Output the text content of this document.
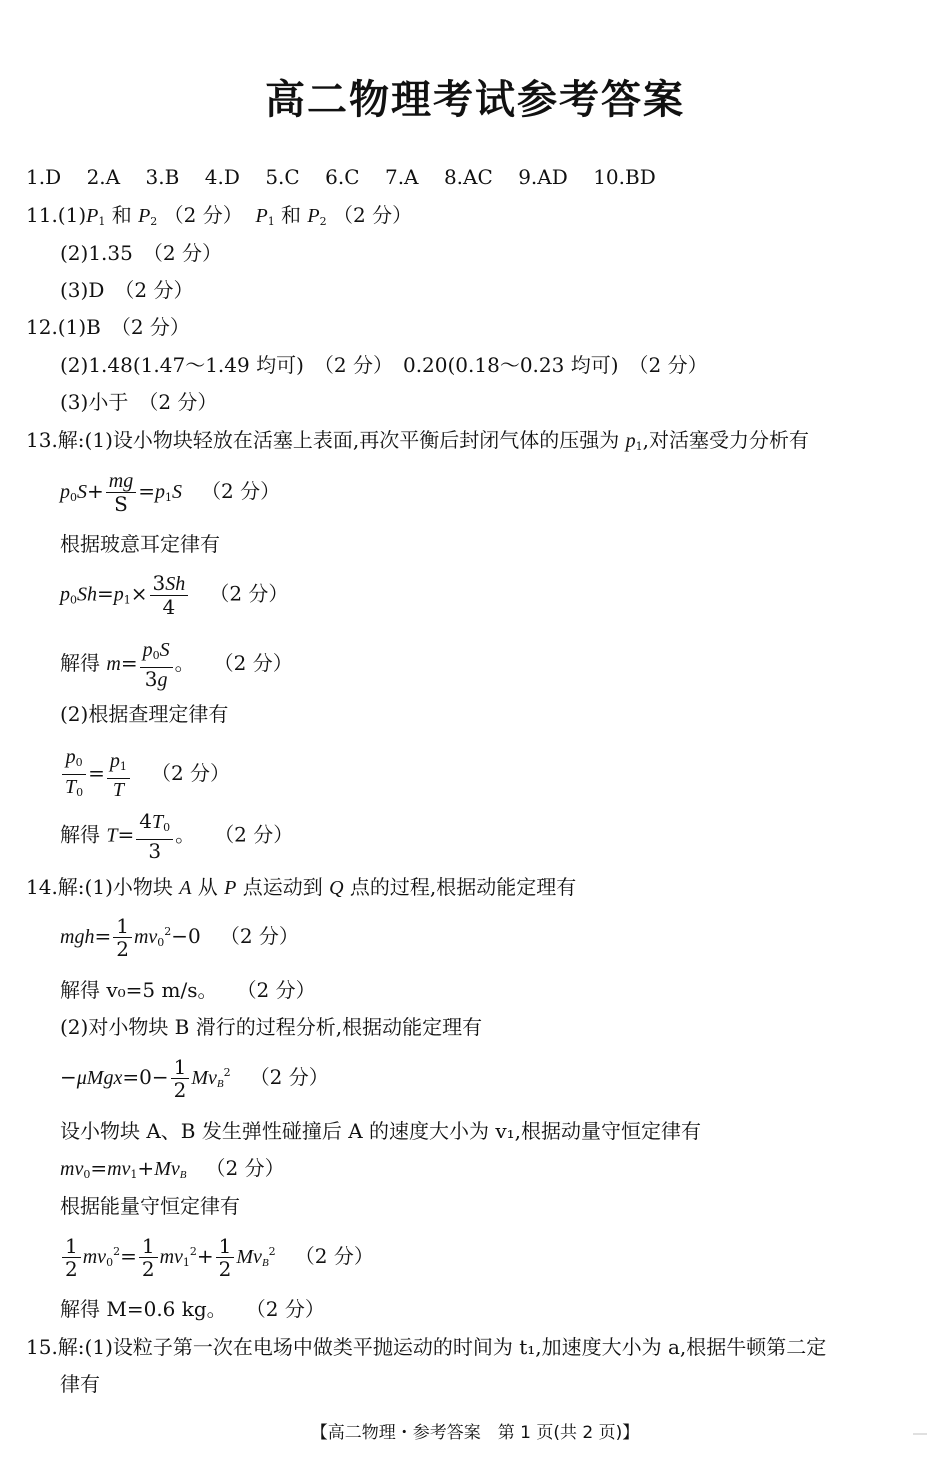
高二物理考试参考答案
1.D 2.A 3.B 4.D 5.C 6.C 7.A 8.AC 9.AD 10.BD
$11.(1)P_1$ 和 $P_2$ （2 分） $P_1$ 和 $P_2$ （2 分）
(2)1.35　（2 分）
(3)D　（2 分）
12.(1)B　（2 分）
(2)1.48(1.47～1.49 均可)　（2 分）　0.20(0.18～0.23 均可)　（2 分）
(3)小于　（2 分）
13.解:(1)设小物块轻放在活塞上表面,再次平衡后封闭气体的压强为 $p_1$,对活塞受力分析有
$p_0S+ \frac{mg}{S} =p_1S$ （2 分）
根据玻意耳定律有
$p_0Sh=p_1\times \frac{3Sh}{4} (2$ 分）
解得 $m= \frac{p_0S}{3g}$ 。 （2 分）
(2)根据查理定律有
$\frac{p_0}{T_0} = \frac{p_1}{T} (2$ 分）
解得 $T= \frac{4T_0}{3}$ 。 （2 分）
14.解:(1)小物块 A 从 P 点运动到 Q 点的过程,根据动能定理有
$mgh= \frac{1}{2} mv_0^2-0$   （2 分）
解得 v₀=5 m/s。 （2 分）
(2)对小物块 B 滑行的过程分析,根据动能定理有
$-\mu Mgx=0- \frac{1}{2} Mv_B^2$ （2 分）
设小物块 A、B 发生弹性碰撞后 A 的速度大小为 v₁,根据动量守恒定律有
$mv_0=mv_1+Mv_B$ （2 分）
根据能量守恒定律有
$\frac{1}{2} mv_0^2= \frac{1}{2} mv_1^2+ \frac{1}{2} Mv_B^2$ （2 分）
解得 M=0.6 kg。 （2 分）
15.解:(1)设粒子第一次在电场中做类平抛运动的时间为 t₁,加速度大小为 a,根据牛顿第二定
律有
【高二物理・参考答案　第 1 页(共 2 页)】
